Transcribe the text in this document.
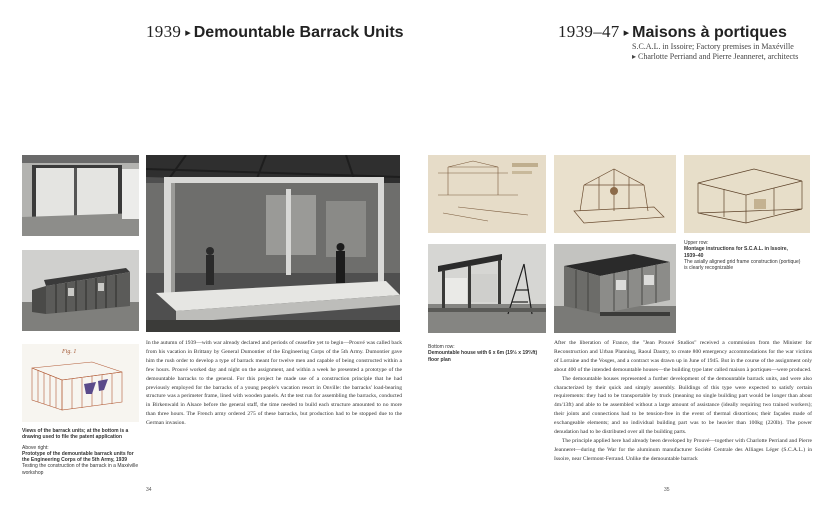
1939 ▸ Demountable Barrack Units
Fig. 1
Views of the barrack units; at the bottom is a drawing used to file the patent application
Above right:
Prototype of the demountable barrack units for the Engineering Corps of the 5th Army, 1939
Testing the construction of the barrack in a Maxéville workshop

In the autumn of 1939—with war already declared and periods of ceasefire yet to begin—Prouvé was called back from his vacation in Brittany by General Dumontier of the Engineering Corps of the 5th Army. Dumontier gave him the rush order to develop a type of barrack meant for twelve men and capable of being constructed within a few hours. Prouvé worked day and night on the assignment, and within a week he presented a prototype of the demountable barracks to the general. For this project he made use of a construction principle that he had previously employed for the barracks of a young people's vacation resort in Onville: the barracks' load-bearing structure was a perimeter frame, lined with wooden panels. At the test run for assembling the barracks, conducted in Birkenwald in Alsace before the general staff, the time needed to build each structure amounted to no more than three hours. The French army ordered 275 of these barracks, but production had to be stopped due to the German invasion.

34
1939–47 ▸ Maisons à portiques
S.C.A.L. in Issoire; Factory premises in Maxéville
▸ Charlotte Perriand and Pierre Jeanneret, architects
Upper row:
Montage instructions for S.C.A.L. in Issoire, 1939–40
The axially aligned grid frame construction (portique) is clearly recognizable
Bottom row:
Demountable house with 6 x 6m (19½ x 19⅔ft) floor plan

After the liberation of France, the "Jean Prouvé Studios" received a commission from the Minister for Reconstruction and Urban Planning, Raoul Dautry, to create 800 emergency accommodations for the war victims of Lorraine and the Vosges, and a contract was drawn up in June of 1945. But in the course of the assignment only about 400 of the intended demountable houses—the building type later called maison à portiques—were produced.

The demountable houses represented a further development of the demountable barrack units, and were also characterized by their quick and simply assembly. Buildings of this type were expected to satisfy certain requirements: they had to be transportable by truck (meaning no single building part would be longer than about 4m/13ft) and able to be assembled without a large amount of assistance (ideally requiring two trained workers); their joints and connections had to be tension-free in the event of thermal distortions; their façades made of exchangeable elements; and no individual building part was to be heavier than 100kg (220lb). The power denudation had to be distributed over all the building parts.

The principle applied here had already been developed by Prouvé—together with Charlotte Perriand and Pierre Jeanneret—during the War for the aluminum manufacturer Société Centrale des Alliages Léger (S.C.A.L.) in Issoire, near Clermont-Ferrand. Unlike the demountable barrack

35
